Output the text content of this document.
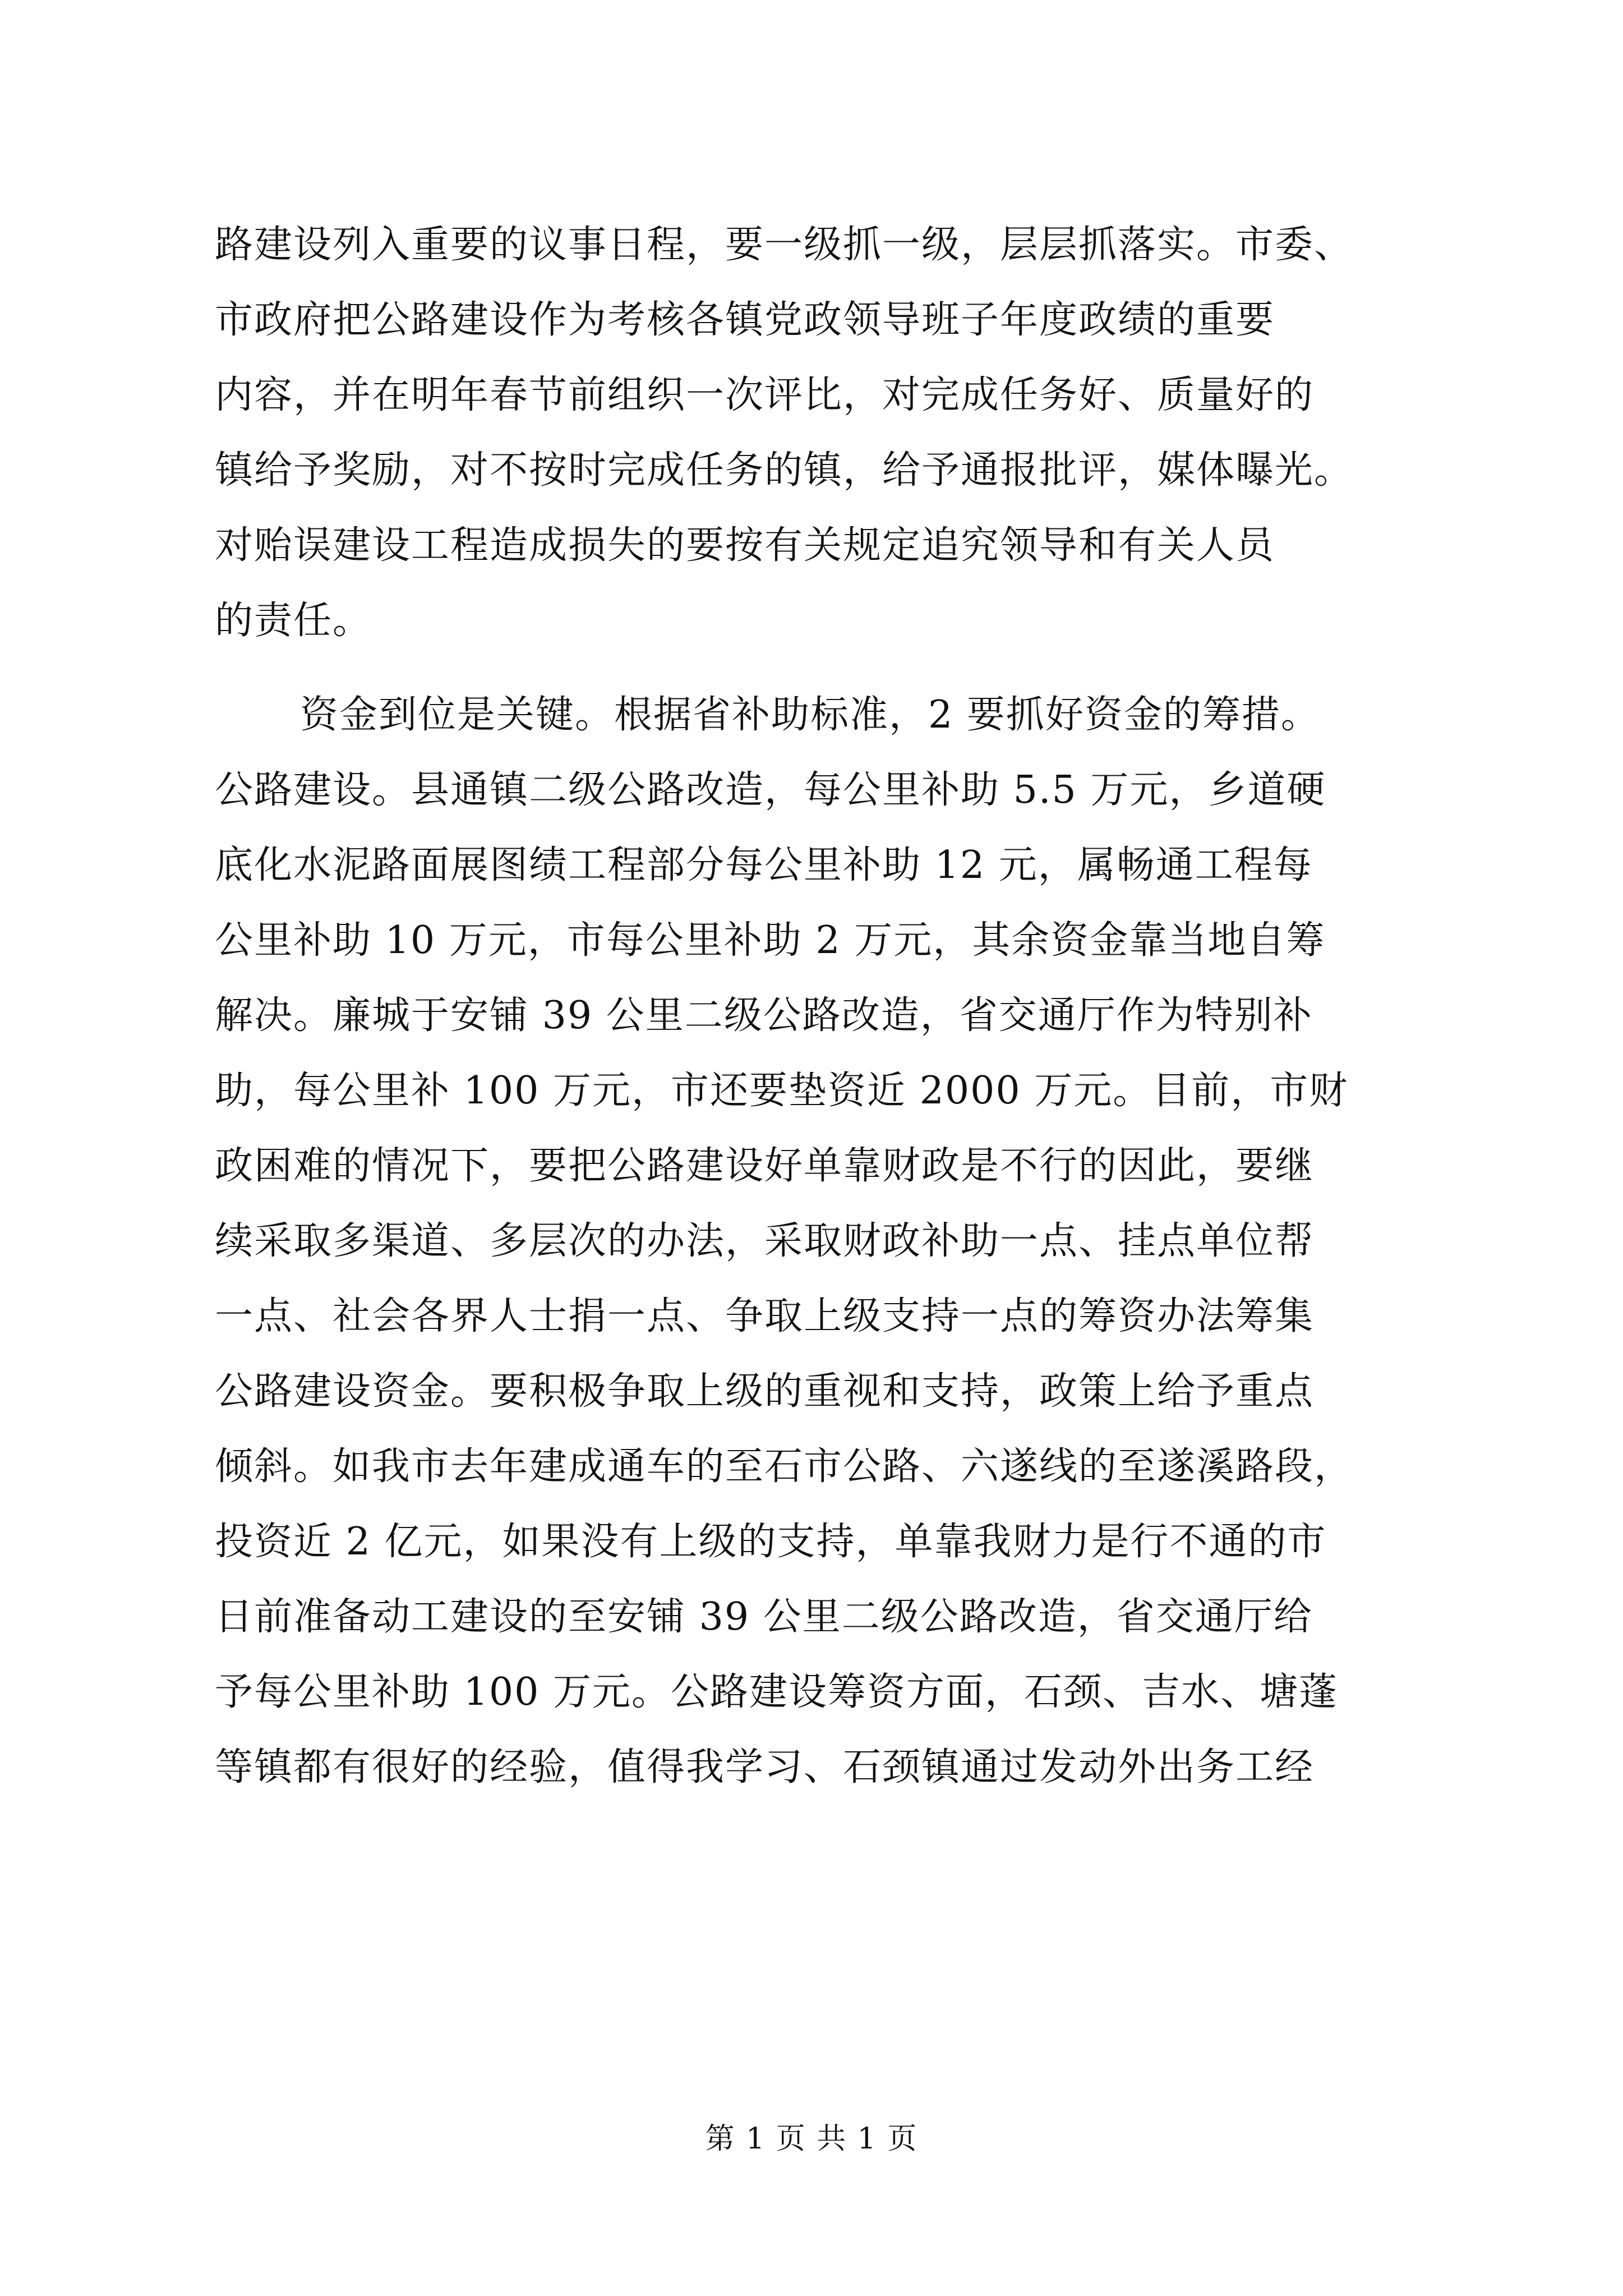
路建设列入重要的议事日程，要一级抓一级，层层抓落实。市委、
市政府把公路建设作为考核各镇党政领导班子年度政绩的重要
内容，并在明年春节前组织一次评比，对完成任务好、质量好的
镇给予奖励，对不按时完成任务的镇，给予通报批评，媒体曝光。
对贻误建设工程造成损失的要按有关规定追究领导和有关人员
的责任。
资金到位是关键。根据省补助标准，2 要抓好资金的筹措。
公路建设。县通镇二级公路改造，每公里补助 5.5 万元，乡道硬
底化水泥路面展图绩工程部分每公里补助 12 元，属畅通工程每
公里补助 10 万元，市每公里补助 2 万元，其余资金靠当地自筹
解决。廉城于安铺 39 公里二级公路改造，省交通厅作为特别补
助，每公里补 100 万元，市还要垫资近 2000 万元。目前，市财
政困难的情况下，要把公路建设好单靠财政是不行的因此，要继
续采取多渠道、多层次的办法，采取财政补助一点、挂点单位帮
一点、社会各界人士捐一点、争取上级支持一点的筹资办法筹集
公路建设资金。要积极争取上级的重视和支持，政策上给予重点
倾斜。如我市去年建成通车的至石市公路、六遂线的至遂溪路段，
投资近 2 亿元，如果没有上级的支持，单靠我财力是行不通的市
日前准备动工建设的至安铺 39 公里二级公路改造，省交通厅给
予每公里补助 100 万元。公路建设筹资方面，石颈、吉水、塘蓬
等镇都有很好的经验，值得我学习、石颈镇通过发动外出务工经
第 1 页 共 1 页
